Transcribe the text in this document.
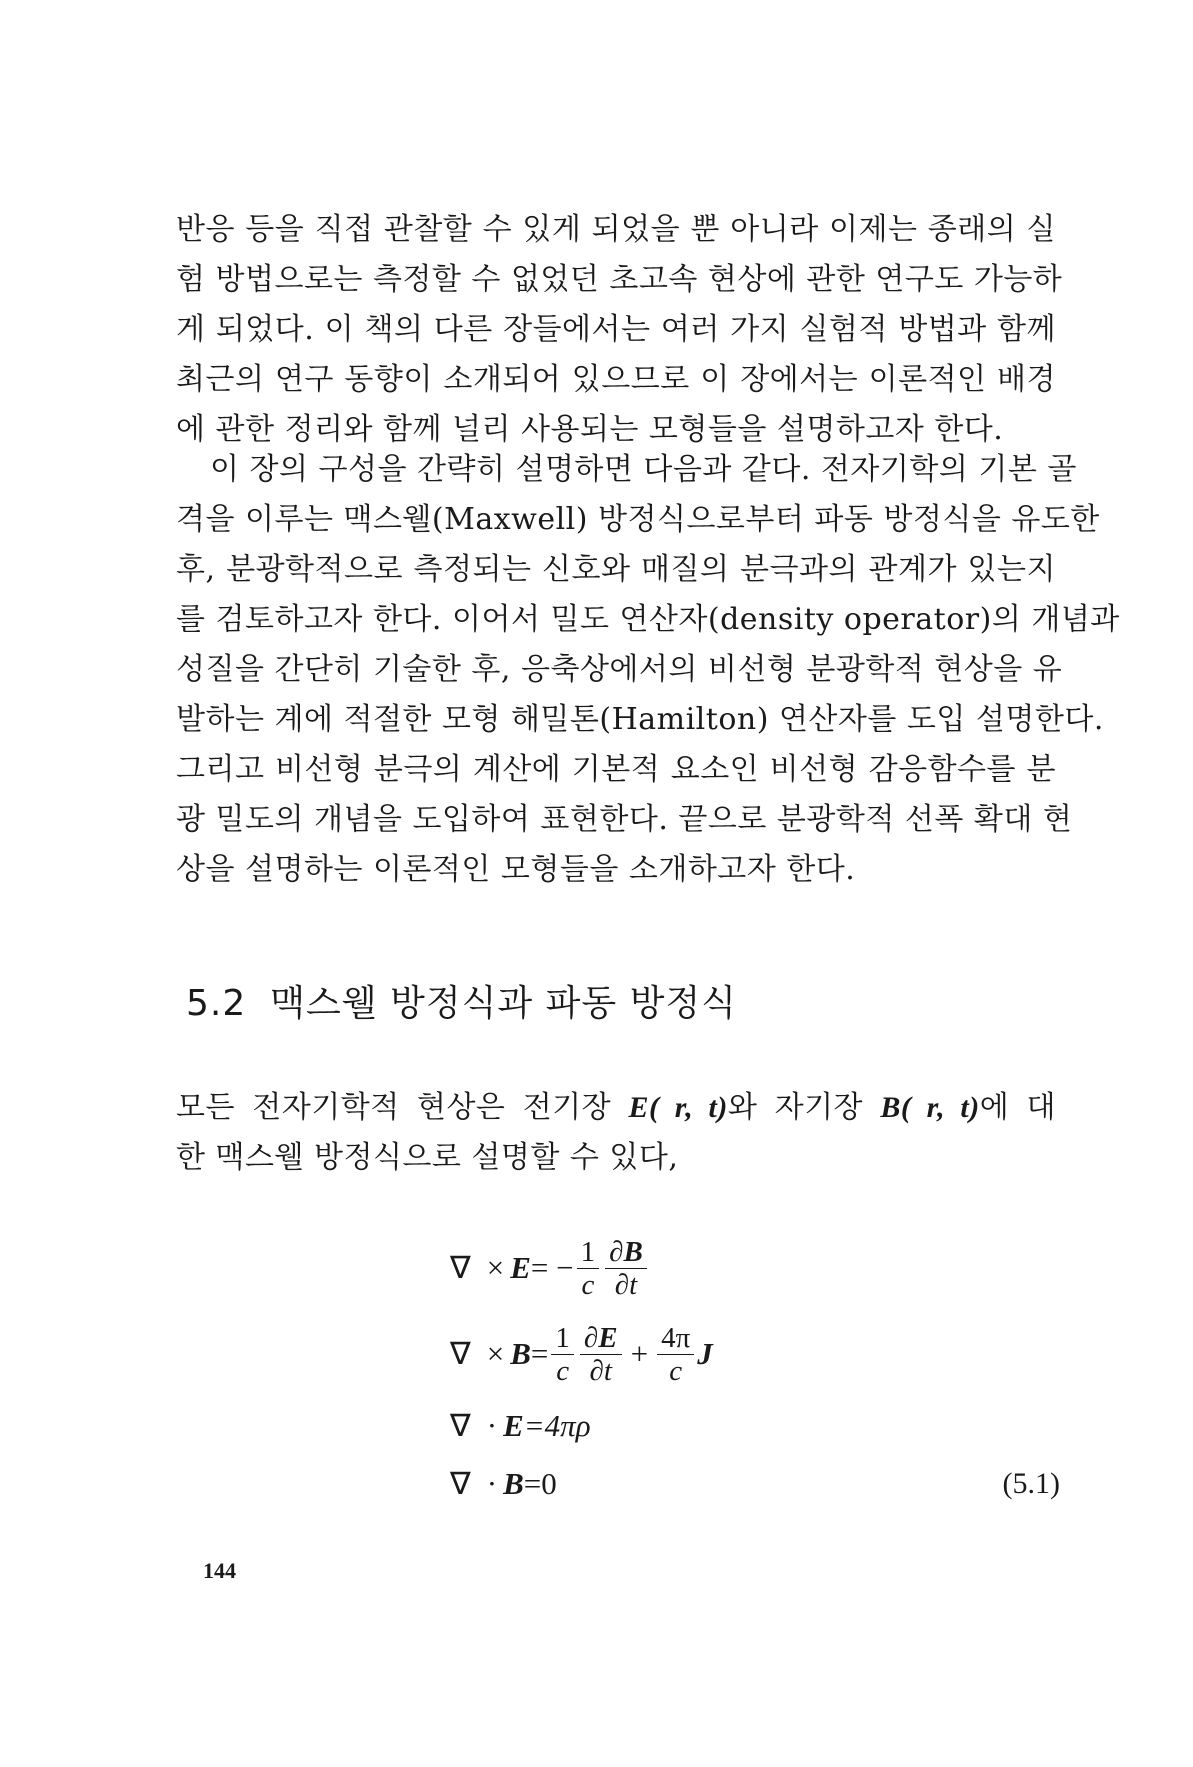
반응 등을 직접 관찰할 수 있게 되었을 뿐 아니라 이제는 종래의 실
험 방법으로는 측정할 수 없었던 초고속 현상에 관한 연구도 가능하
게 되었다. 이 책의 다른 장들에서는 여러 가지 실험적 방법과 함께
최근의 연구 동향이 소개되어 있으므로 이 장에서는 이론적인 배경
에 관한 정리와 함께 널리 사용되는 모형들을 설명하고자 한다.
이 장의 구성을 간략히 설명하면 다음과 같다. 전자기학의 기본 골
격을 이루는 맥스웰(Maxwell) 방정식으로부터 파동 방정식을 유도한
후, 분광학적으로 측정되는 신호와 매질의 분극과의 관계가 있는지
를 검토하고자 한다. 이어서 밀도 연산자(density operator)의 개념과
성질을 간단히 기술한 후, 응축상에서의 비선형 분광학적 현상을 유
발하는 계에 적절한 모형 해밀톤(Hamilton) 연산자를 도입 설명한다.
그리고 비선형 분극의 계산에 기본적 요소인 비선형 감응함수를 분
광 밀도의 개념을 도입하여 표현한다. 끝으로 분광학적 선폭 확대 현
상을 설명하는 이론적인 모형들을 소개하고자 한다.
5.2 맥스웰 방정식과 파동 방정식
모든 전자기학적 현상은 전기장 E( r, t)와 자기장 B( r, t)에 대
한 맥스웰 방정식으로 설명할 수 있다,
∇ × E = − $\frac{1}{c} \frac{\partial B}{\partial t}$
∇ × $B = \frac{1}{c} \frac{\partial E}{\partial t} + \frac{4\pi}{c}$ J
∇ · E =4πρ
∇ · B =0	(5.1)
144
